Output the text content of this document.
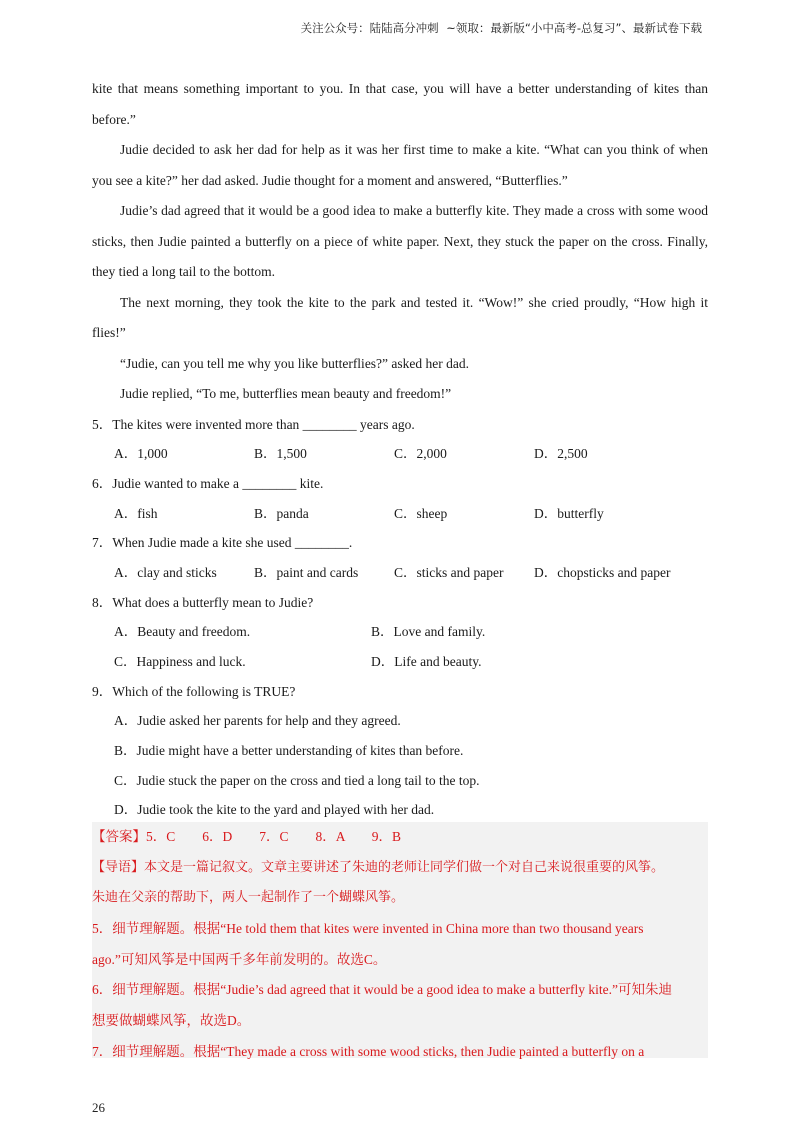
关注公众号：陆陆高分冲刺 ~领取：最新版“小中高考-总复习”、最新试卷下载
kite that means something important to you. In that case, you will have a better understanding of kites than before.”
Judie decided to ask her dad for help as it was her first time to make a kite. “What can you think of when you see a kite?” her dad asked. Judie thought for a moment and answered, “Butterflies.”
Judie’s dad agreed that it would be a good idea to make a butterfly kite. They made a cross with some wood sticks, then Judie painted a butterfly on a piece of white paper. Next, they stuck the paper on the cross. Finally, they tied a long tail to the bottom.
The next morning, they took the kite to the park and tested it. “Wow!” she cried proudly, “How high it flies!”
“Judie, can you tell me why you like butterflies?” asked her dad.
Judie replied, “To me, butterflies mean beauty and freedom!”
5．The kites were invented more than ________ years ago.
A．1,000	B．1,500	C．2,000	D．2,500
6．Judie wanted to make a ________ kite.
A．fish	B．panda	C．sheep	D．butterfly
7．When Judie made a kite she used ________.
A．clay and sticks	B．paint and cards	C．sticks and paper	D．chopsticks and paper
8．What does a butterfly mean to Judie?
A．Beauty and freedom.	B．Love and family.
C．Happiness and luck.	D．Life and beauty.
9．Which of the following is TRUE?
A．Judie asked her parents for help and they agreed.
B．Judie might have a better understanding of kites than before.
C．Judie stuck the paper on the cross and tied a long tail to the top.
D．Judie took the kite to the yard and played with her dad.
【答案】5．C　　6．D　　7．C　　8．A　　9．B
【导语】本文是一篇记叙文。文章主要讲述了朱迪的老师让同学们做一个对自己来说很重要的风筝。
朱迪在父亲的帮助下，两人一起制作了一个蝴蝶风筝。
5．细节理解题。根据“He told them that kites were invented in China more than two thousand years
ago.”可知风筝是中国两千多年前发明的。故选C。
6．细节理解题。根据“Judie’s dad agreed that it would be a good idea to make a butterfly kite.”可知朱迪
想要做蝴蝶风筝，故选D。
7．细节理解题。根据“They made a cross with some wood sticks, then Judie painted a butterfly on a
26
